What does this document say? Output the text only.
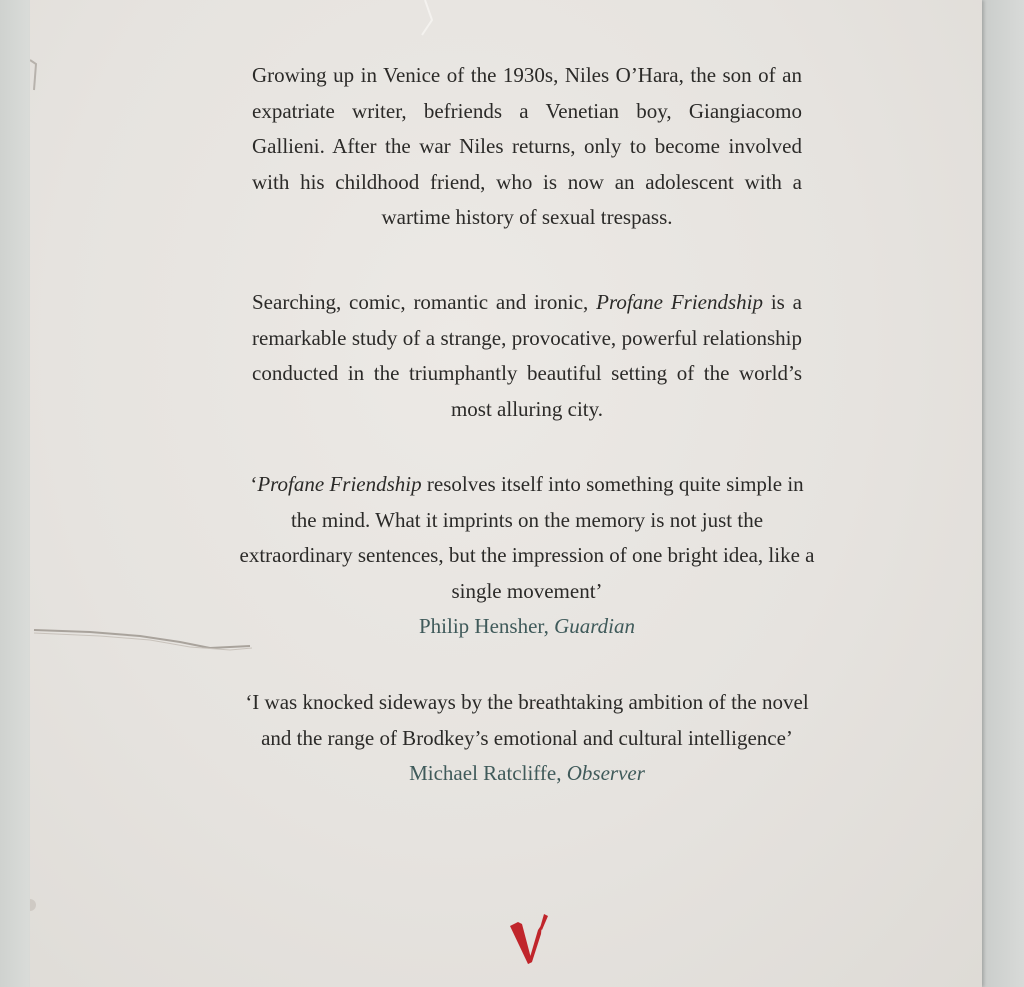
Growing up in Venice of the 1930s, Niles O’Hara, the son of an expatriate writer, befriends a Venetian boy, Giangiacomo Gallieni. After the war Niles returns, only to become involved with his childhood friend, who is now an adolescent with a wartime history of sexual trespass.
Searching, comic, romantic and ironic, Profane Friendship is a remarkable study of a strange, provocative, powerful relationship conducted in the triumphantly beautiful setting of the world’s most alluring city.
‘Profane Friendship resolves itself into something quite simple in the mind. What it imprints on the memory is not just the extraordinary sentences, but the impression of one bright idea, like a single movement’
Philip Hensher, Guardian
‘I was knocked sideways by the breathtaking ambition of the novel and the range of Brodkey’s emotional and cultural intelligence’
Michael Ratcliffe, Observer
